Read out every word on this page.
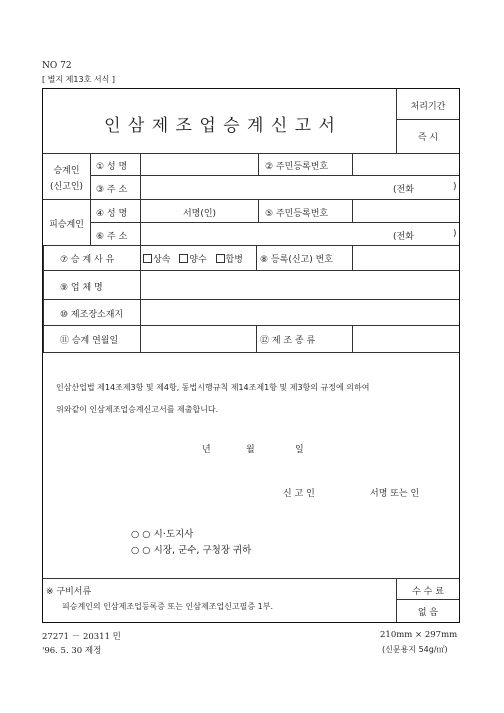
NO 72
[ 별지 제13호 서식 ]
인 삼 제 조 업 승 계 신 고 서
처리기간
즉 시
승계인
(신고인)
① 성 명	② 주민등록번호
③ 주 소	(전화	)
피승계인
④ 성 명	서명(인)	⑤ 주민등록번호
⑥ 주 소	(전화	)
⑦ 승 계 사 유	상속 양수 합병 ⑧ 등록(신고) 번호
⑨ 업 체 명
⑩ 제조장소재지
⑪ 승계 연월일	⑫ 제 조 종 류
인삼산업법 제14조제3항 및 제4항, 동법시행규칙 제14조제1항 및 제3항의 규정에 의하여
위와같이 인삼제조업승계신고서를 제출합니다.
년	월	일
신 고 인	서명 또는 인
○ ○ 시·도지사
○ ○ 시장, 군수, 구청장 귀하
※ 구비서류
피승계인의 인삼제조업등록증 또는 인삼제조업신고필증 1부.
수 수 료
없 음
27271 － 20311 민
'96. 5. 30 제정
210mm × 297mm
(신문용지 54g/㎡)
